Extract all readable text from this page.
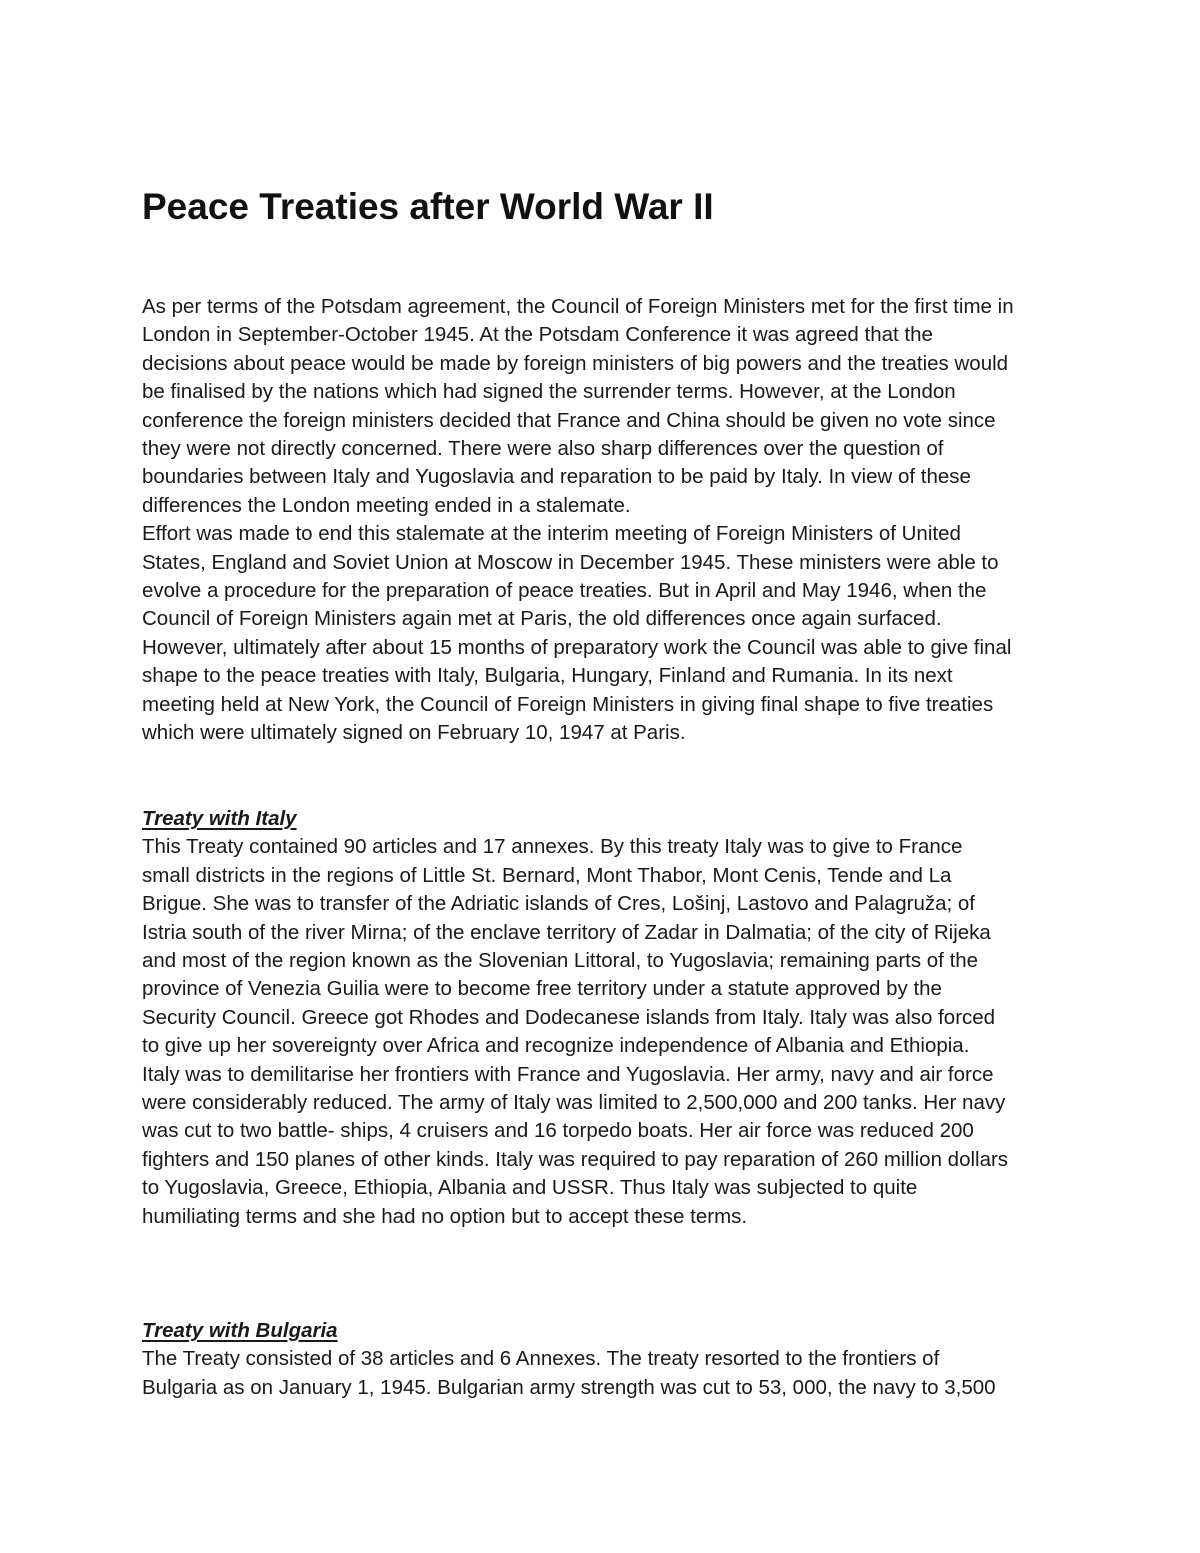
Peace Treaties after World War II
As per terms of the Potsdam agreement, the Council of Foreign Ministers met for the first time in
London in September-October 1945. At the Potsdam Conference it was agreed that the
decisions about peace would be made by foreign ministers of big powers and the treaties would
be finalised by the nations which had signed the surrender terms. However, at the London
conference the foreign ministers decided that France and China should be given no vote since
they were not directly concerned. There were also sharp differences over the question of
boundaries between Italy and Yugoslavia and reparation to be paid by Italy. In view of these
differences the London meeting ended in a stalemate.
Effort was made to end this stalemate at the interim meeting of Foreign Ministers of United
States, England and Soviet Union at Moscow in December 1945. These ministers were able to
evolve a procedure for the preparation of peace treaties. But in April and May 1946, when the
Council of Foreign Ministers again met at Paris, the old differences once again surfaced.
However, ultimately after about 15 months of preparatory work the Council was able to give final
shape to the peace treaties with Italy, Bulgaria, Hungary, Finland and Rumania. In its next
meeting held at New York, the Council of Foreign Ministers in giving final shape to five treaties
which were ultimately signed on February 10, 1947 at Paris.
Treaty with Italy
This Treaty contained 90 articles and 17 annexes. By this treaty Italy was to give to France
small districts in the regions of Little St. Bernard, Mont Thabor, Mont Cenis, Tende and La
Brigue. She was to transfer of the Adriatic islands of Cres, Lošinj, Lastovo and Palagruža; of
Istria south of the river Mirna; of the enclave territory of Zadar in Dalmatia; of the city of Rijeka
and most of the region known as the Slovenian Littoral, to Yugoslavia; remaining parts of the
province of Venezia Guilia were to become free territory under a statute approved by the
Security Council. Greece got Rhodes and Dodecanese islands from Italy. Italy was also forced
to give up her sovereignty over Africa and recognize independence of Albania and Ethiopia.
Italy was to demilitarise her frontiers with France and Yugoslavia. Her army, navy and air force
were considerably reduced. The army of Italy was limited to 2,500,000 and 200 tanks. Her navy
was cut to two battle- ships, 4 cruisers and 16 torpedo boats. Her air force was reduced 200
fighters and 150 planes of other kinds. Italy was required to pay reparation of 260 million dollars
to Yugoslavia, Greece, Ethiopia, Albania and USSR. Thus Italy was subjected to quite
humiliating terms and she had no option but to accept these terms.
Treaty with Bulgaria
The Treaty consisted of 38 articles and 6 Annexes. The treaty resorted to the frontiers of
Bulgaria as on January 1, 1945. Bulgarian army strength was cut to 53, 000, the navy to 3,500
